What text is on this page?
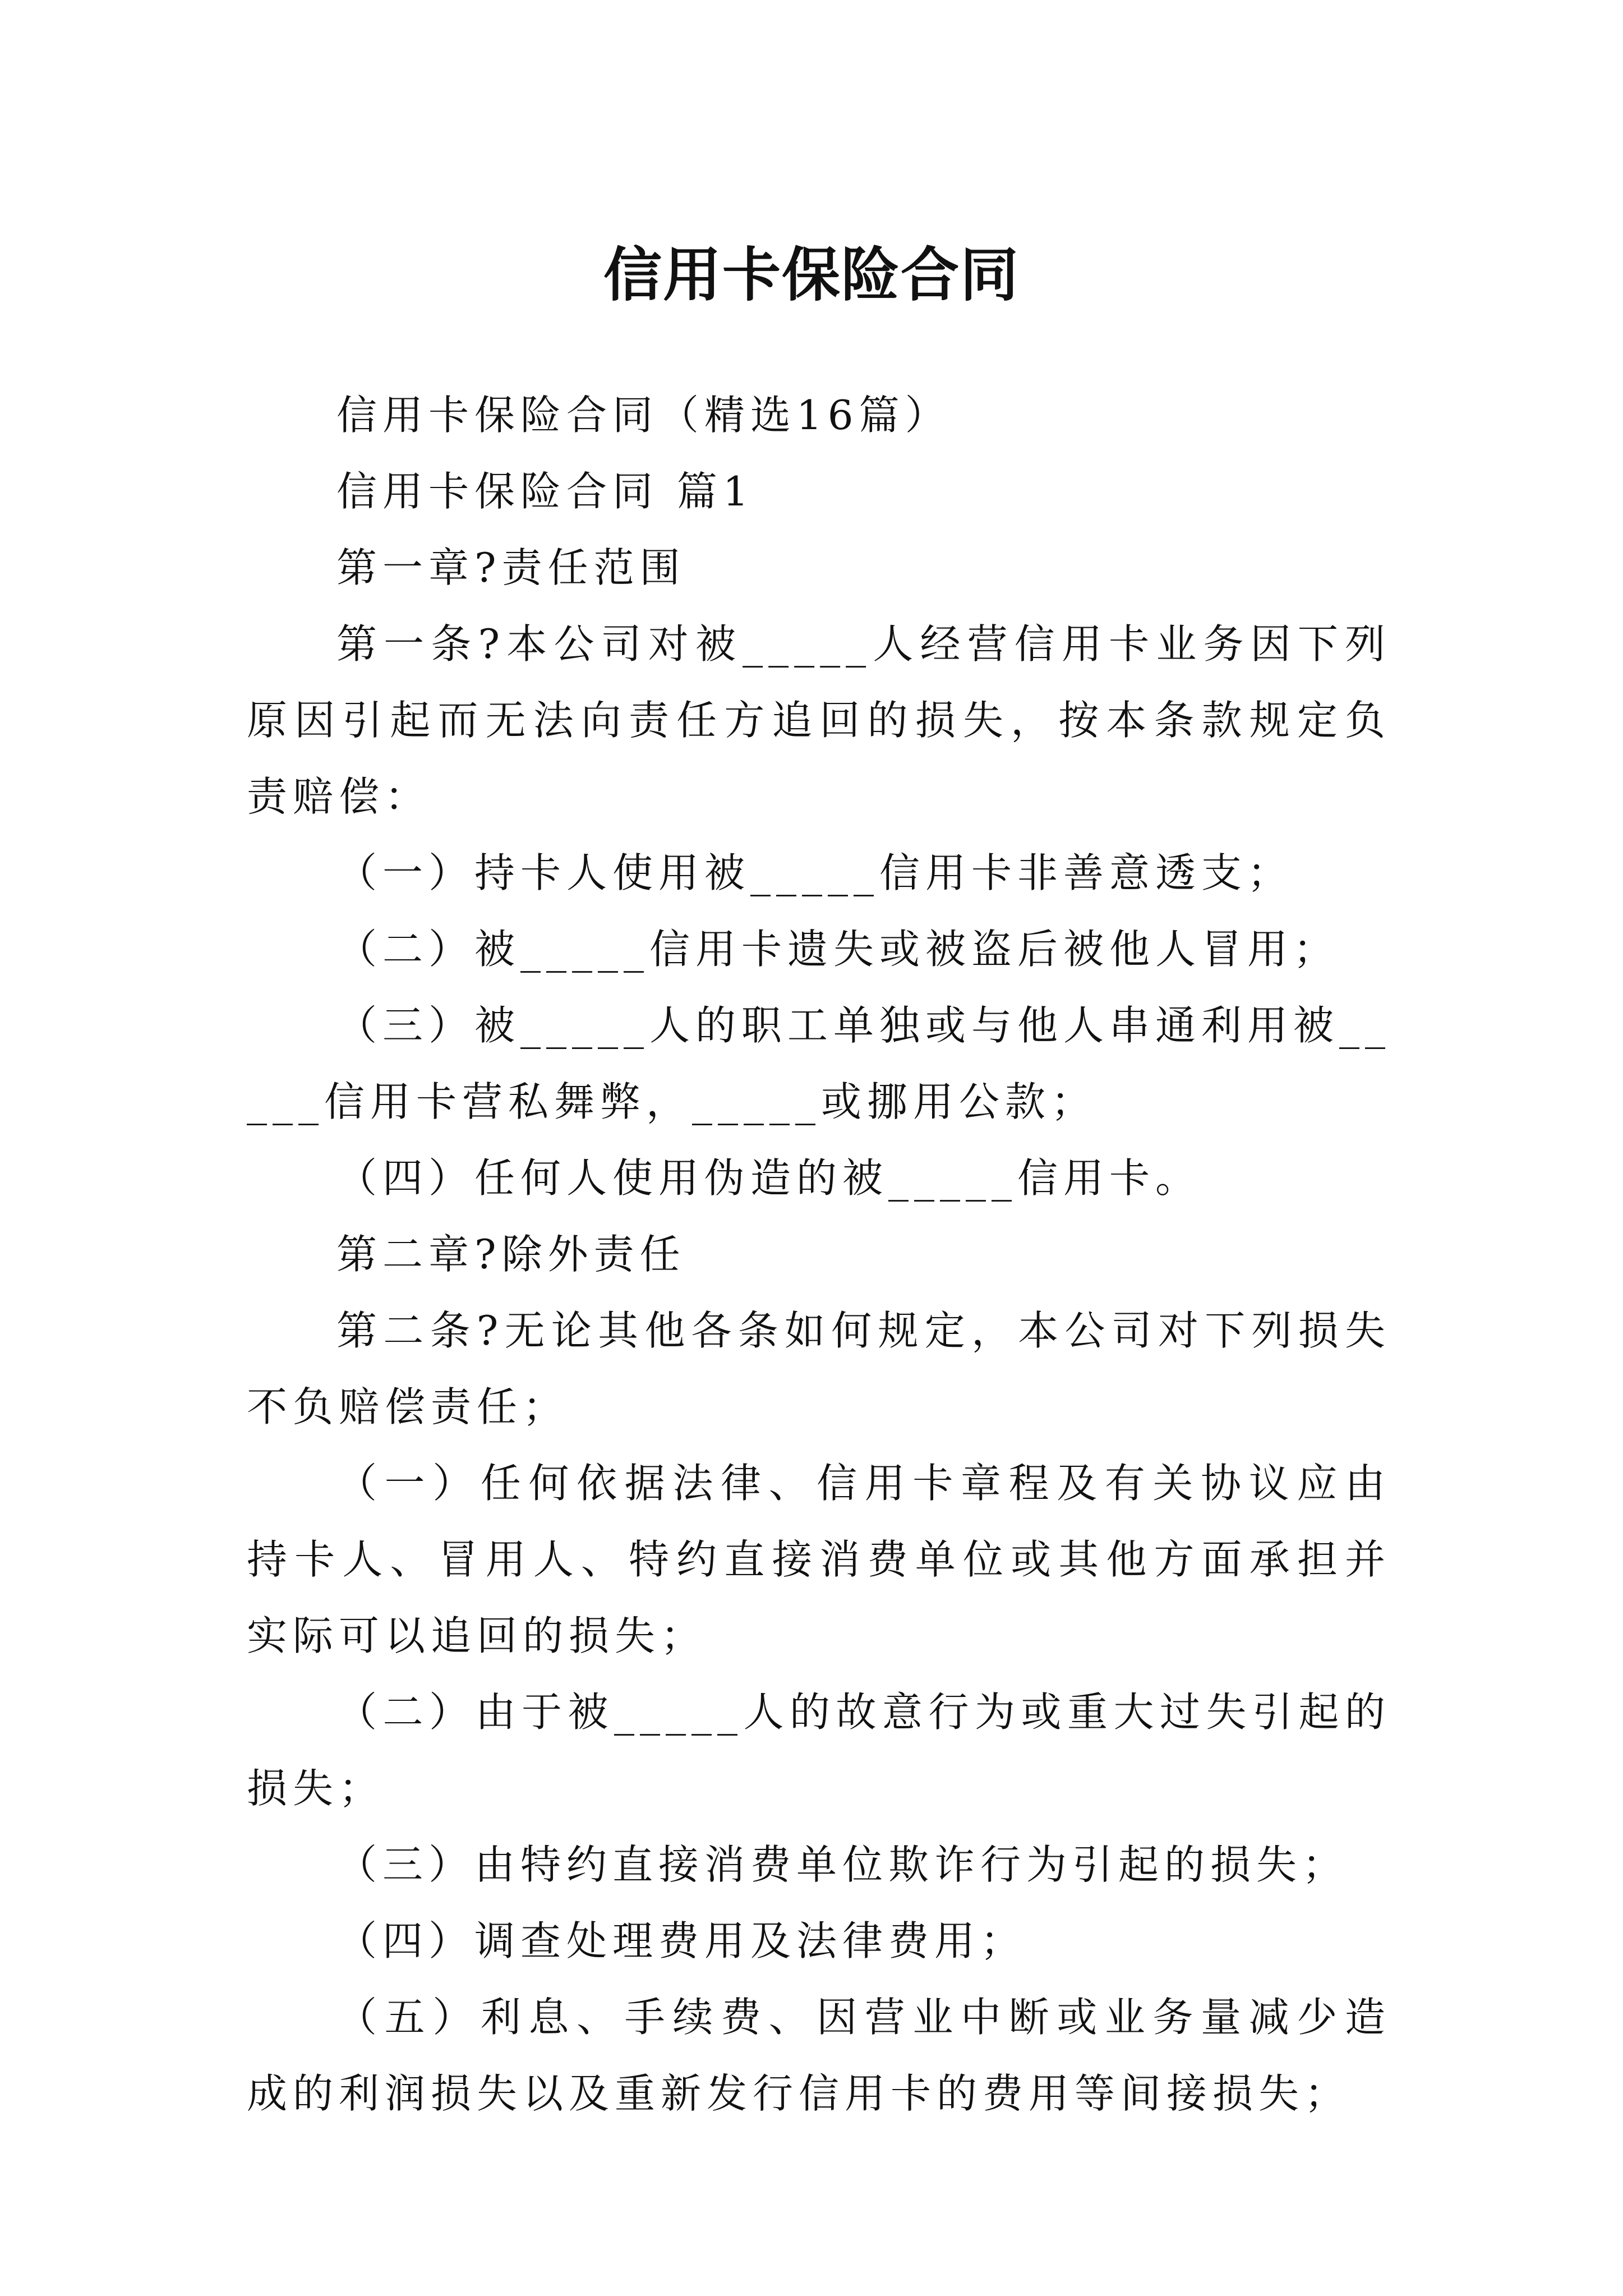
信用卡保险合同

信用卡保险合同（精选16篇）

信用卡保险合同 篇1

第一章?责任范围

第一条?本公司对被_____人经营信用卡业务因下列原因引起而无法向责任方追回的损失，按本条款规定负责赔偿：

（一）持卡人使用被_____信用卡非善意透支；

（二）被_____信用卡遗失或被盗后被他人冒用；

（三）被_____人的职工单独或与他人串通利用被_____信用卡营私舞弊，_____或挪用公款；

（四）任何人使用伪造的被_____信用卡。

第二章?除外责任

第二条?无论其他各条如何规定，本公司对下列损失不负赔偿责任；

（一）任何依据法律、信用卡章程及有关协议应由持卡人、冒用人、特约直接消费单位或其他方面承担并实际可以追回的损失；

（二）由于被_____人的故意行为或重大过失引起的损失；

（三）由特约直接消费单位欺诈行为引起的损失；

（四）调查处理费用及法律费用；

（五）利息、手续费、因营业中断或业务量减少造成的利润损失以及重新发行信用卡的费用等间接损失；
